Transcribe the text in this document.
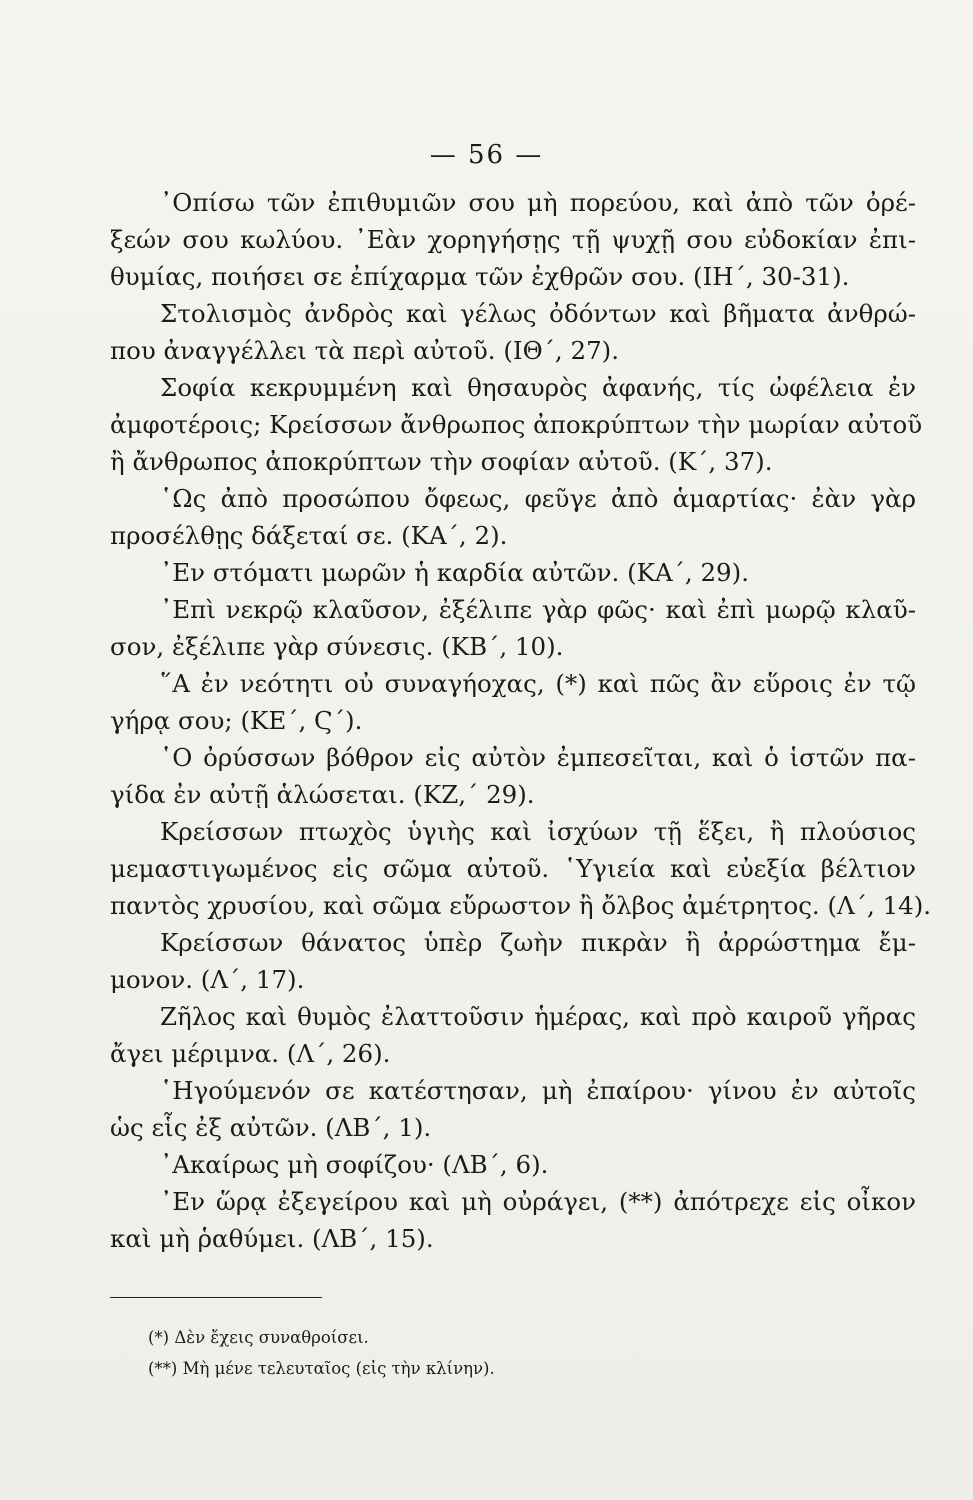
— 56 —
᾿Οπίσω τῶν ἐπιθυμιῶν σου μὴ πορεύου, καὶ ἀπὸ τῶν ὀρέ-
ξεών σου κωλύου. ᾿Εὰν χορηγήσῃς τῇ ψυχῇ σου εὐδοκίαν ἐπι-
θυμίας, ποιήσει σε ἐπίχαρμα τῶν ἐχθρῶν σου. (ΙΗ΄, 30-31).
Στολισμὸς ἀνδρὸς καὶ γέλως ὀδόντων καὶ βῆματα ἀνθρώ-
που ἀναγγέλλει τὰ περὶ αὐτοῦ. (ΙΘ΄, 27).
Σοφία κεκρυμμένη καὶ θησαυρὸς ἀφανής, τίς ὠφέλεια ἐν
ἀμφοτέροις; Κρείσσων ἄνθρωπος ἀποκρύπτων τὴν μωρίαν αὐτοῦ
ἢ ἄνθρωπος ἀποκρύπτων τὴν σοφίαν αὐτοῦ. (Κ΄, 37).
῾Ως ἀπὸ προσώπου ὄφεως, φεῦγε ἀπὸ ἁμαρτίας· ἐὰν γὰρ
προσέλθῃς δάξεταί σε. (ΚΑ΄, 2).
᾿Εν στόματι μωρῶν ἡ καρδία αὐτῶν. (ΚΑ΄, 29).
᾿Επὶ νεκρῷ κλαῦσον, ἐξέλιπε γὰρ φῶς· καὶ ἐπὶ μωρῷ κλαῦ-
σον, ἐξέλιπε γὰρ σύνεσις. (ΚΒ΄, 10).
῞Α ἐν νεότητι οὐ συναγήοχας, (*) καὶ πῶς ἂν εὕροις ἐν τῷ
γήρᾳ σου; (ΚΕ΄, Ϛ΄).
῾Ο ὀρύσσων βόθρον εἰς αὐτὸν ἐμπεσεῖται, καὶ ὁ ἱστῶν πα-
γίδα ἐν αὐτῇ ἁλώσεται. (ΚΖ,΄ 29).
Κρείσσων πτωχὸς ὑγιὴς καὶ ἰσχύων τῇ ἕξει, ἢ πλούσιος
μεμαστιγωμένος εἰς σῶμα αὐτοῦ. ῾Υγιεία καὶ εὐεξία βέλτιον
παντὸς χρυσίου, καὶ σῶμα εὔρωστον ἢ ὄλβος ἀμέτρητος. (Λ΄, 14).
Κρείσσων θάνατος ὑπὲρ ζωὴν πικρὰν ἢ ἀρρώστημα ἔμ-
μονον. (Λ΄, 17).
Ζῆλος καὶ θυμὸς ἐλαττοῦσιν ἡμέρας, καὶ πρὸ καιροῦ γῆρας
ἄγει μέριμνα. (Λ΄, 26).
῾Ηγούμενόν σε κατέστησαν, μὴ ἐπαίρου· γίνου ἐν αὐτοῖς
ὡς εἷς ἐξ αὐτῶν. (ΛΒ΄, 1).
᾿Ακαίρως μὴ σοφίζου· (ΛΒ΄, 6).
᾿Εν ὥρᾳ ἐξεγείρου καὶ μὴ οὐράγει, (**) ἀπότρεχε εἰς οἶκον
καὶ μὴ ῥαθύμει. (ΛΒ΄, 15).
(*) Δὲν ἔχεις συναθροίσει.
(**) Μὴ μένε τελευταῖος (εἰς τὴν κλίνην).
